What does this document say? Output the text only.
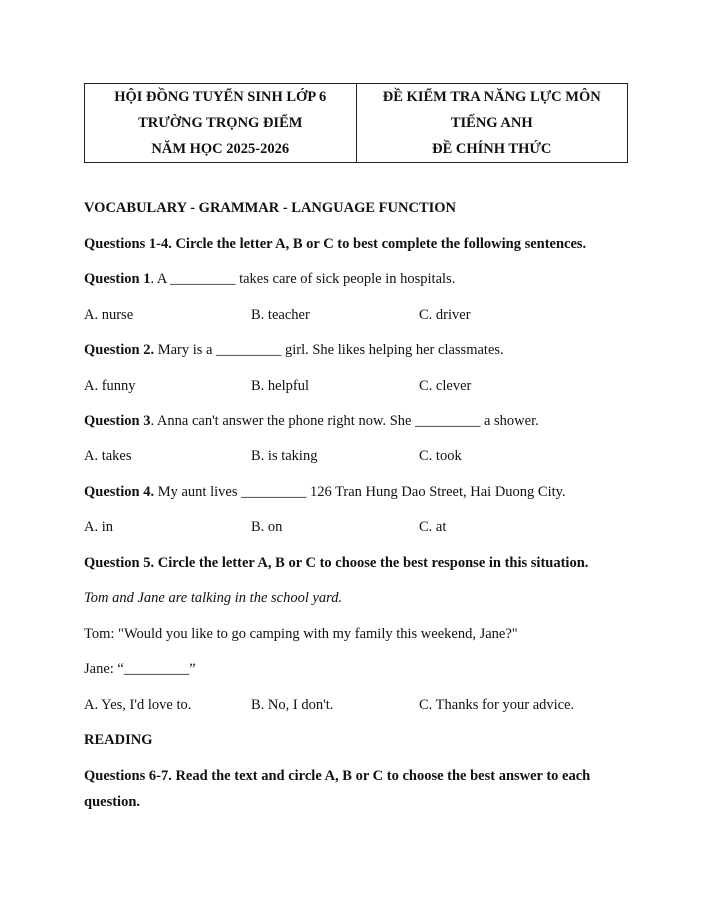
HỘI ĐỒNG TUYỂN SINH LỚP 6
TRƯỜNG TRỌNG ĐIỂM
NĂM HỌC 2025-2026

ĐỀ KIỂM TRA NĂNG LỰC MÔN
TIẾNG ANH
ĐỀ CHÍNH THỨC
VOCABULARY - GRAMMAR - LANGUAGE FUNCTION
Questions 1-4. Circle the letter A, B or C to best complete the following sentences.
Question 1. A _________ takes care of sick people in hospitals.
A. nurse	B. teacher	C. driver
Question 2. Mary is a _________ girl. She likes helping her classmates.
A. funny	B. helpful	C. clever
Question 3. Anna can't answer the phone right now. She _________ a shower.
A. takes	B. is taking	C. took
Question 4. My aunt lives _________ 126 Tran Hung Dao Street, Hai Duong City.
A. in	B. on	C. at
Question 5. Circle the letter A, B or C to choose the best response in this situation.
Tom and Jane are talking in the school yard.
Tom: "Would you like to go camping with my family this weekend, Jane?"
Jane: “_________”
A. Yes, I'd love to.	B. No, I don't.	C. Thanks for your advice.
READING
Questions 6-7. Read the text and circle A, B or C to choose the best answer to each
question.
